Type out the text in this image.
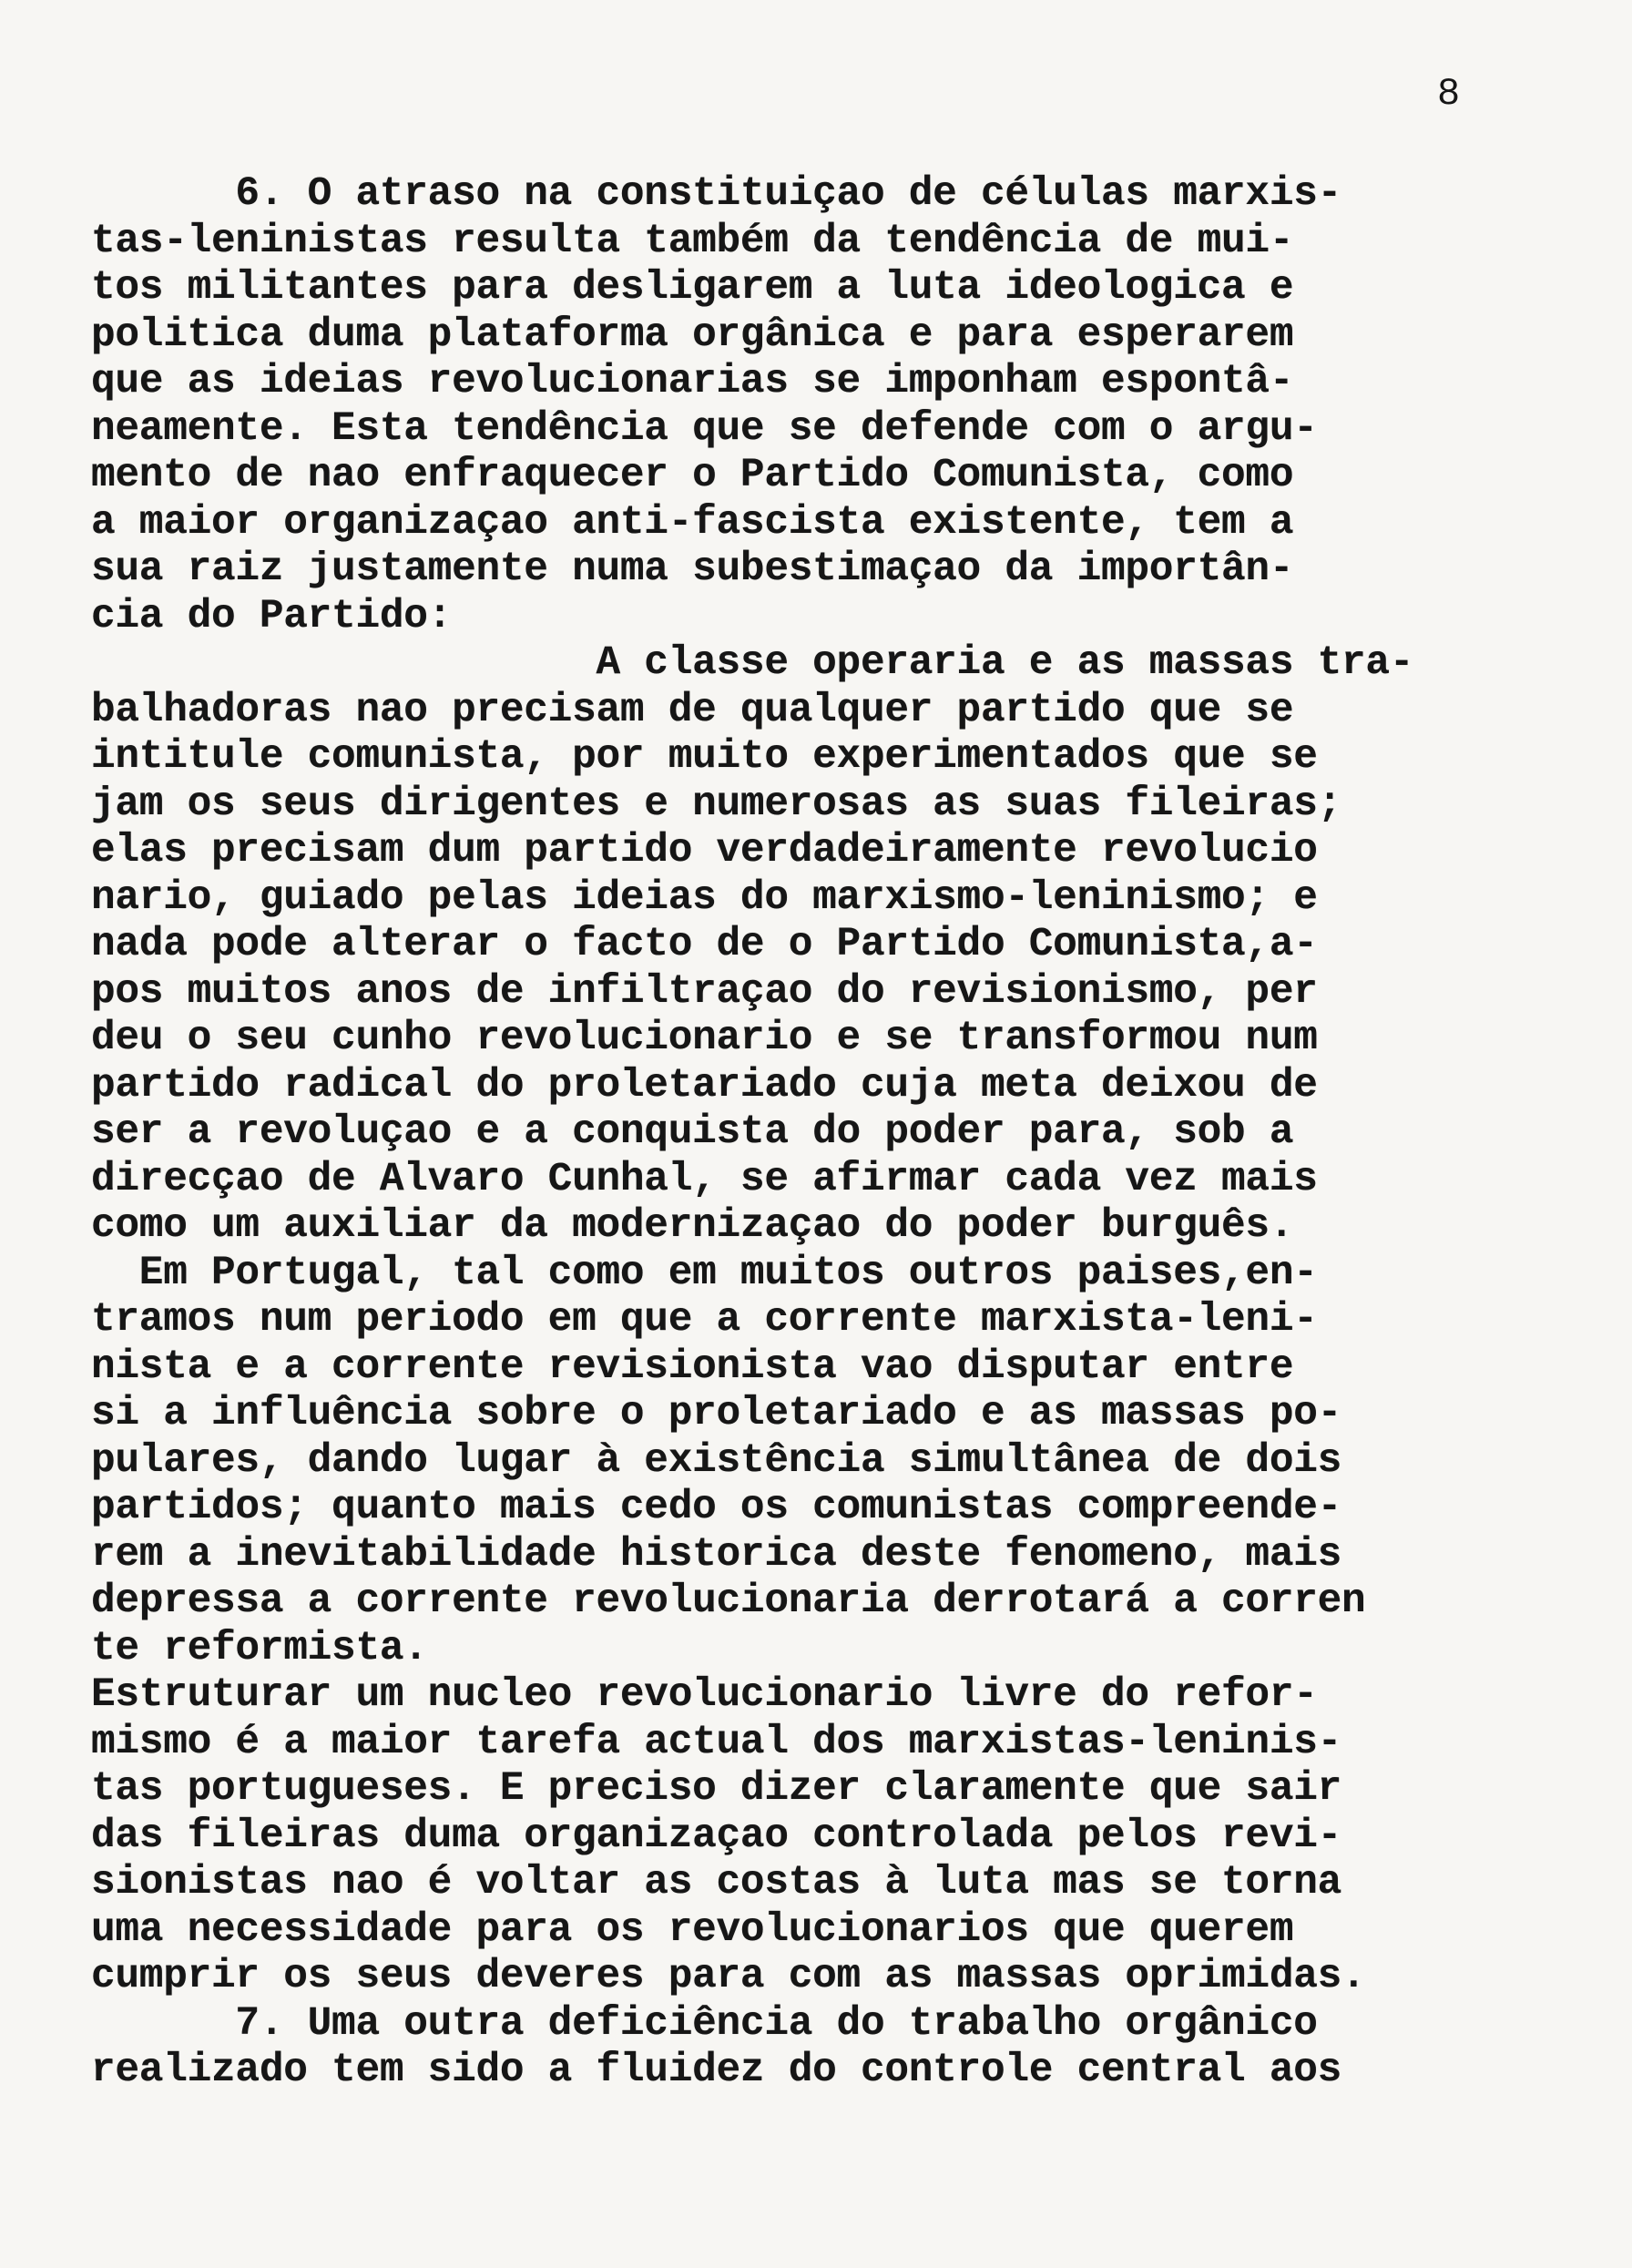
8
6. O atraso na constituiçao de células marxis-
tas-leninistas resulta também da tendência de mui-
tos militantes para desligarem a luta ideologica e
politica duma plataforma orgânica e para esperarem
que as ideias revolucionarias se imponham espontâ-
neamente. Esta tendência que se defende com o argu-
mento de nao enfraquecer o Partido Comunista, como
a maior organizaçao anti-fascista existente, tem a
sua raiz justamente numa subestimaçao da importân-
cia do Partido:
A classe operaria e as massas tra-
balhadoras nao precisam de qualquer partido que se
intitule comunista, por muito experimentados que se
jam os seus dirigentes e numerosas as suas fileiras;
elas precisam dum partido verdadeiramente revolucio
nario, guiado pelas ideias do marxismo-leninismo; e
nada pode alterar o facto de o Partido Comunista,a-
pos muitos anos de infiltraçao do revisionismo, per
deu o seu cunho revolucionario e se transformou num
partido radical do proletariado cuja meta deixou de
ser a revoluçao e a conquista do poder para, sob a
direcçao de Alvaro Cunhal, se afirmar cada vez mais
como um auxiliar da modernizaçao do poder burguês.
Em Portugal, tal como em muitos outros paises,en-
tramos num periodo em que a corrente marxista-leni-
nista e a corrente revisionista vao disputar entre
si a influência sobre o proletariado e as massas po-
pulares, dando lugar à existência simultânea de dois
partidos; quanto mais cedo os comunistas compreende-
rem a inevitabilidade historica deste fenomeno, mais
depressa a corrente revolucionaria derrotará a corren
te reformista.
Estruturar um nucleo revolucionario livre do refor-
mismo é a maior tarefa actual dos marxistas-leninis-
tas portugueses. E preciso dizer claramente que sair
das fileiras duma organizaçao controlada pelos revi-
sionistas nao é voltar as costas à luta mas se torna
uma necessidade para os revolucionarios que querem
cumprir os seus deveres para com as massas oprimidas.
7. Uma outra deficiência do trabalho orgânico
realizado tem sido a fluidez do controle central aos
